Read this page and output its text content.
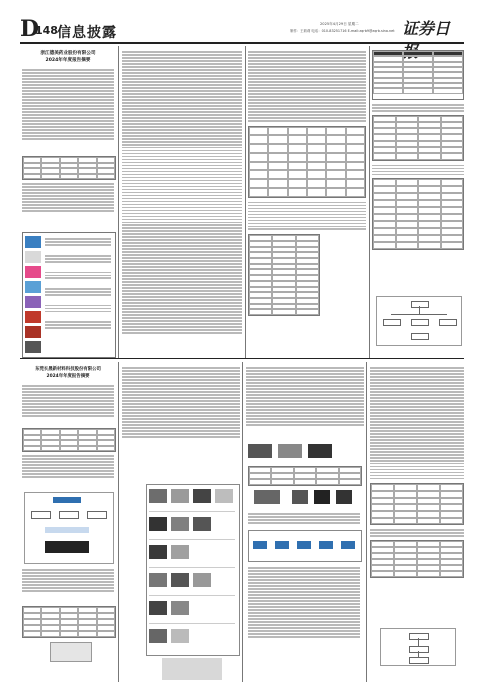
D
148 信息披露
2025年4月29日 星期二
制作：王莉莉 电话：010-83251716 E-mail:zqrb9@zqrb.sina.net 证券日
浙江德美药业股份有限公司
2024年年度报告摘要
东莞长晟新材料科技股份有限公司
2024年年度报告摘要
